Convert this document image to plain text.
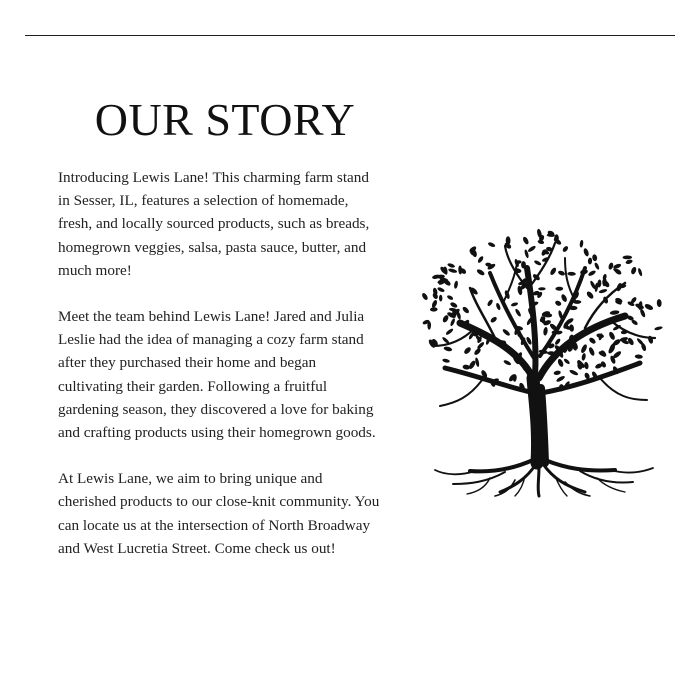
OUR STORY

Introducing Lewis Lane! This charming farm stand in Sesser, IL, features a selection of homemade, fresh, and locally sourced products, such as breads, homegrown veggies, salsa, pasta sauce, butter, and much more!

Meet the team behind Lewis Lane! Jared and Julia Leslie had the idea of managing a cozy farm stand after they purchased their home and began cultivating their garden. Following a fruitful gardening season, they discovered a love for baking and crafting products using their homegrown goods.

At Lewis Lane, we aim to bring unique and cherished products to our close-knit community. You can locate us at the intersection of North Broadway and West Lucretia Street. Come check us out!
